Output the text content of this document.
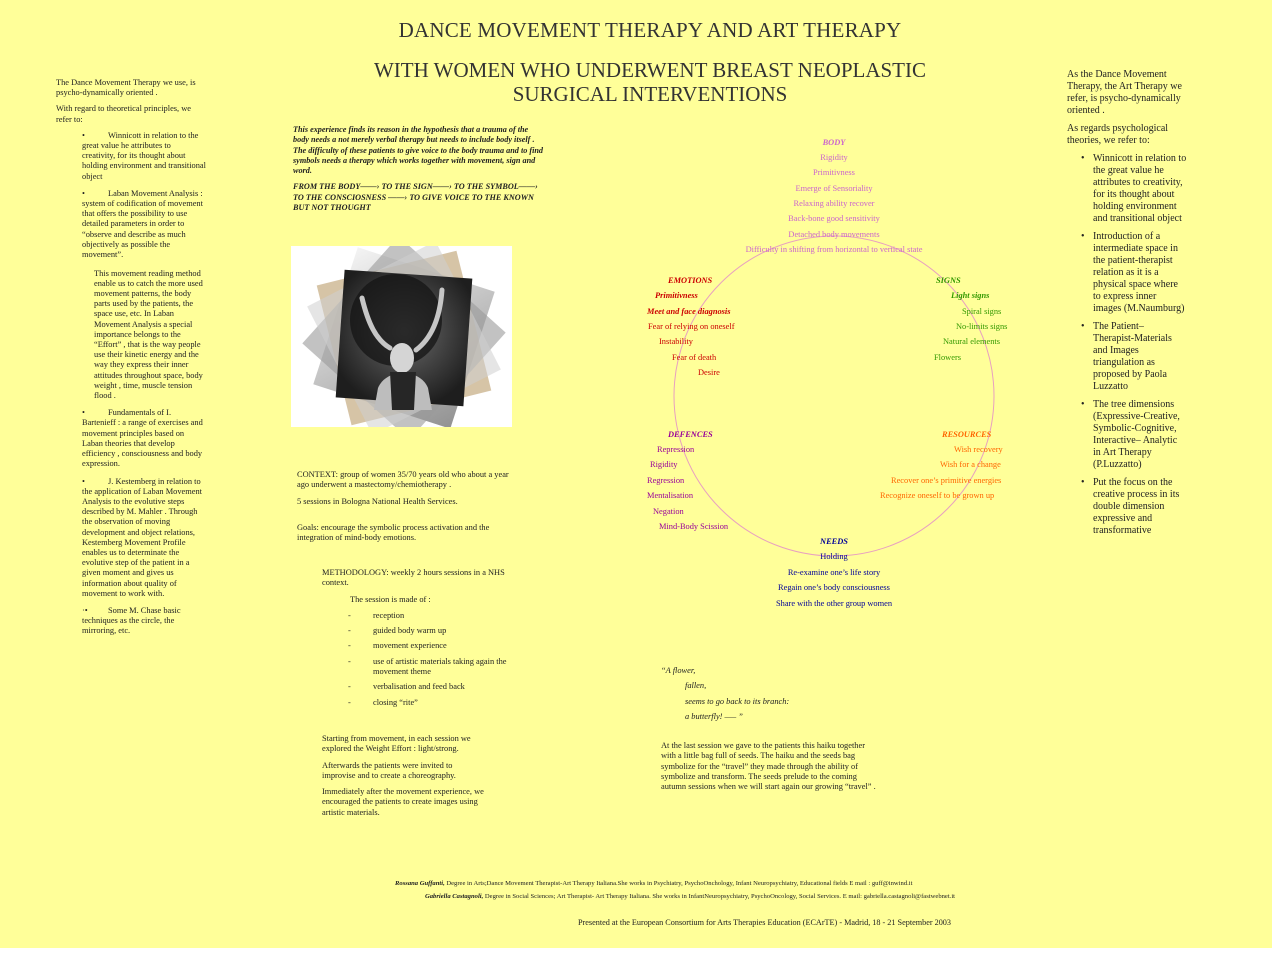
DANCE MOVEMENT THERAPY AND ART THERAPY
WITH WOMEN WHO UNDERWENT BREAST NEOPLASTIC SURGICAL INTERVENTIONS

The Dance Movement Therapy we use, is psycho-dynamically oriented .

With regard to theoretical principles, we refer to:

•	Winnicott in relation to the great value he attributes to creativity, for its thought about holding environment and transitional object
•	Laban Movement Analysis : system of codification of movement that offers the possibility to use detailed parameters in order to “observe and describe as much objectively as possible the movement”.

This movement reading method enable us to catch the more used movement patterns, the body parts used by the patients, the space use, etc. In Laban Movement Analysis a special importance belongs to the “Effort” , that is the way people use their kinetic energy and the way they express their inner attitudes throughout space, body weight , time, muscle tension flood .

•	Fundamentals of I. Bartenieff : a range of exercises and movement principles based on Laban theories that develop efficiency , consciousness and body expression.
•	J. Kestemberg in relation to the application of Laban Movement Analysis to the evolutive steps described by M. Mahler . Through the observation of moving development and object relations, Kestemberg Movement Profile enables us to determinate the evolutive step of the patient in a given moment and gives us information about quality of movement to work with.
·•	Some M. Chase basic techniques as the circle, the mirroring, etc.

As the Dance Movement Therapy, the Art Therapy we refer, is psycho-dynamically oriented .

As regards psychological theories, we refer to:

• Winnicott in relation to the great value he attributes to creativity, for its thought about holding environment and transitional object
• Introduction of a intermediate space in the patient-therapist relation as it is a physical space where to express inner images (M.Naumburg)
• The Patient– Therapist-Materials and Images triangulation as proposed by Paola Luzzatto
• The tree dimensions (Expressive-Creative, Symbolic-Cognitive, Interactive– Analytic in Art Therapy (P.Luzzatto)
• Put the focus on the creative process in its double dimension expressive and transformative

This experience finds its reason in the hypothesis that a trauma of the body needs a not merely verbal therapy but needs to include body itself . The difficulty of these patients to give voice to the body trauma and to find symbols needs a therapy which works together with movement, sign and word.

FROM THE BODY——› TO THE SIGN——› TO THE SYMBOL——› TO THE CONSCIOSNESS ——› TO GIVE VOICE TO THE KNOWN BUT NOT THOUGHT

CONTEXT: group of women 35/70 years old who about a year ago underwent a mastectomy/chemiotherapy .

5 sessions in Bologna National Health Services.

Goals: encourage the symbolic process activation and the integration of mind-body emotions.

METHODOLOGY: weekly 2 hours sessions in a NHS context.

The session is made of :

-	reception
-	guided body warm up
-	movement experience
-	use of artistic materials taking again the movement theme
-	verbalisation and feed back
-	closing “rite”

Starting from movement, in each session we explored the Weight Effort : light/strong.

Afterwards the patients were invited to improvise and to create a choreography.

Immediately after the movement experience, we encouraged the patients to create images using artistic materials.

“A flower,
fallen,
seems to go back to its branch:
a butterfly! —– ”
At the last session we gave to the patients this haiku together with a little bag full of seeds. The haiku and the seeds bag symbolize for the “travel” they made through the ability of symbolize and transform. The seeds prelude to the coming autumn sessions when we will start again our growing “travel” .
BODY
Rigidity
Primitivness
Emerge of Sensoriality
Relaxing ability recover
Back-bone good sensitivity
Detached body movements
Difficulty in shifting from horizontal to vertical state
EMOTIONS
Primitivness
Meet and face diagnosis
Fear of relying on oneself
Instability
Fear of death
Desire
SIGNS
Light signs
Spiral signs
No-limits signs
Natural elements
Flowers
DEFENCES
Repression
Rigidity
Regression
Mentalisation
Negation
Mind-Body Scission
RESOURCES
Wish recovery
Wish for a change
Recover one’s primitive energies
Recognize oneself to be grown up
NEEDS
Holding
Re-examine one’s life story
Regain one’s body consciousness
Share with the other group women
Rossana Guffanti, Degree in Arts;Dance Movement Therapist-Art Therapy Italiana.She works in Psychiatry, PsychoOnchology, Infant Neuropsychiatry, Educational fields E mail : guff@inwind.it
Gabriella Castagnoli, Degree in Social Sciences; Art Therapist- Art Therapy Italiana. She works in InfantNeuropsychiatry, PsychoOncology, Social Services. E mail: gabriella.castagnoli@fastwebnet.it
Presented at the European Consortium for Arts Therapies Education (ECArTE) - Madrid, 18 - 21 September 2003
